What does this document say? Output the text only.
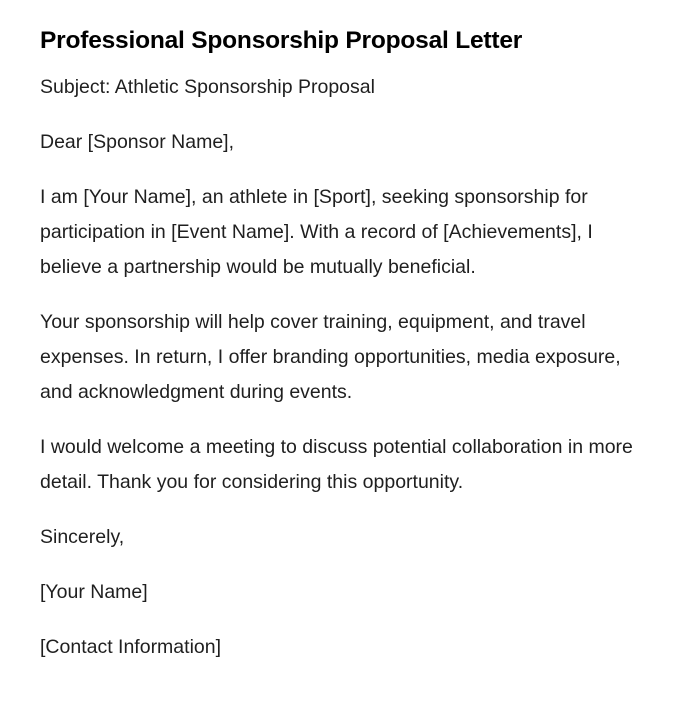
Professional Sponsorship Proposal Letter

Subject: Athletic Sponsorship Proposal

Dear [Sponsor Name],

I am [Your Name], an athlete in [Sport], seeking sponsorship for participation in [Event Name]. With a record of [Achievements], I believe a partnership would be mutually beneficial.

Your sponsorship will help cover training, equipment, and travel expenses. In return, I offer branding opportunities, media exposure, and acknowledgment during events.

I would welcome a meeting to discuss potential collaboration in more detail. Thank you for considering this opportunity.

Sincerely,

[Your Name]

[Contact Information]
